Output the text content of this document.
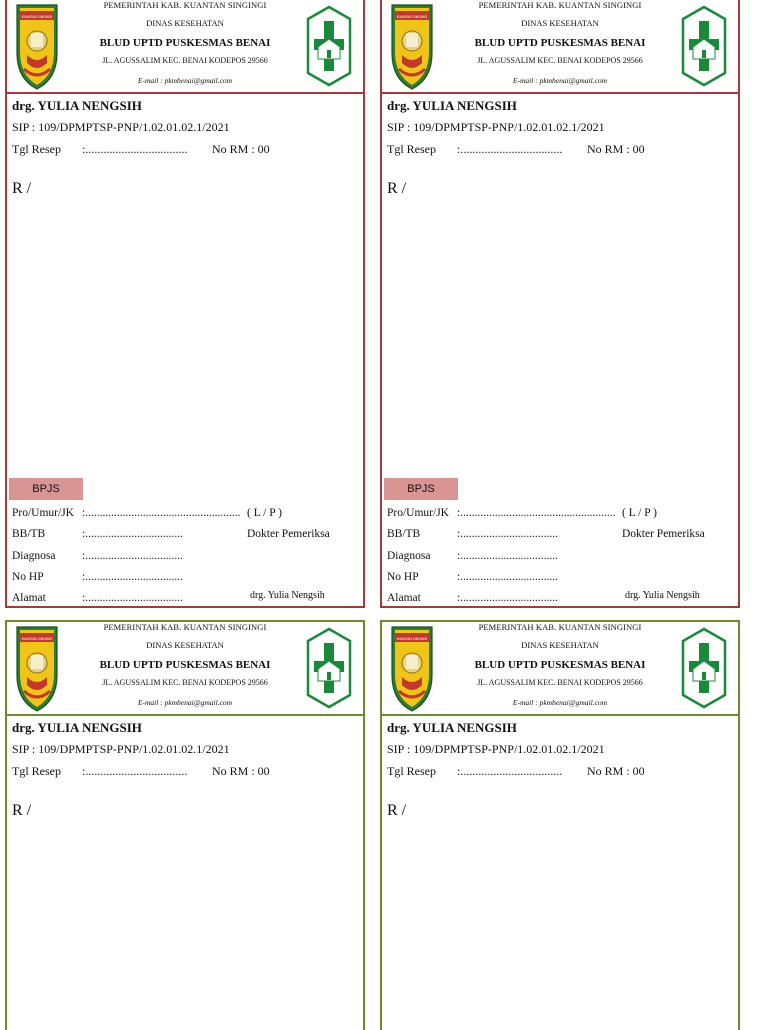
KUANTAN SINGINGI
PEMERINTAH KAB. KUANTAN SINGINGI
DINAS KESEHATAN
BLUD UPTD PUSKESMAS BENAI
JL. AGUSSALIM KEC. BENAI KODEPOS 29566
E-mail : pkmbenai@gmail.com
drg. YULIA NENGSIH
SIP : 109/DPMPTSP-PNP/1.02.01.02.1/2021
Tgl Resep :.................................. No RM : 00
R /
BPJS
Pro/Umur/JK :...................................................... ( L / P )
BB/TB	:..................................	Dokter Pemeriksa
Diagnosa :..................................
No HP	:..................................
Alamat	:..................................	drg. Yulia Nengsih
KUANTAN SINGINGI
PEMERINTAH KAB. KUANTAN SINGINGI
DINAS KESEHATAN
BLUD UPTD PUSKESMAS BENAI
JL. AGUSSALIM KEC. BENAI KODEPOS 29566
E-mail : pkmbenai@gmail.com
drg. YULIA NENGSIH
SIP : 109/DPMPTSP-PNP/1.02.01.02.1/2021
Tgl Resep :.................................. No RM : 00
R /
BPJS
Pro/Umur/JK :...................................................... ( L / P )
BB/TB	:..................................	Dokter Pemeriksa
Diagnosa :..................................
No HP	:..................................
Alamat	:..................................	drg. Yulia Nengsih
KUANTAN SINGINGI
PEMERINTAH KAB. KUANTAN SINGINGI
DINAS KESEHATAN
BLUD UPTD PUSKESMAS BENAI
JL. AGUSSALIM KEC. BENAI KODEPOS 29566
E-mail : pkmbenai@gmail.com
drg. YULIA NENGSIH
SIP : 109/DPMPTSP-PNP/1.02.01.02.1/2021
Tgl Resep :.................................. No RM : 00
R /
KUANTAN SINGINGI
PEMERINTAH KAB. KUANTAN SINGINGI
DINAS KESEHATAN
BLUD UPTD PUSKESMAS BENAI
JL. AGUSSALIM KEC. BENAI KODEPOS 29566
E-mail : pkmbenai@gmail.com
drg. YULIA NENGSIH
SIP : 109/DPMPTSP-PNP/1.02.01.02.1/2021
Tgl Resep :.................................. No RM : 00
R /
